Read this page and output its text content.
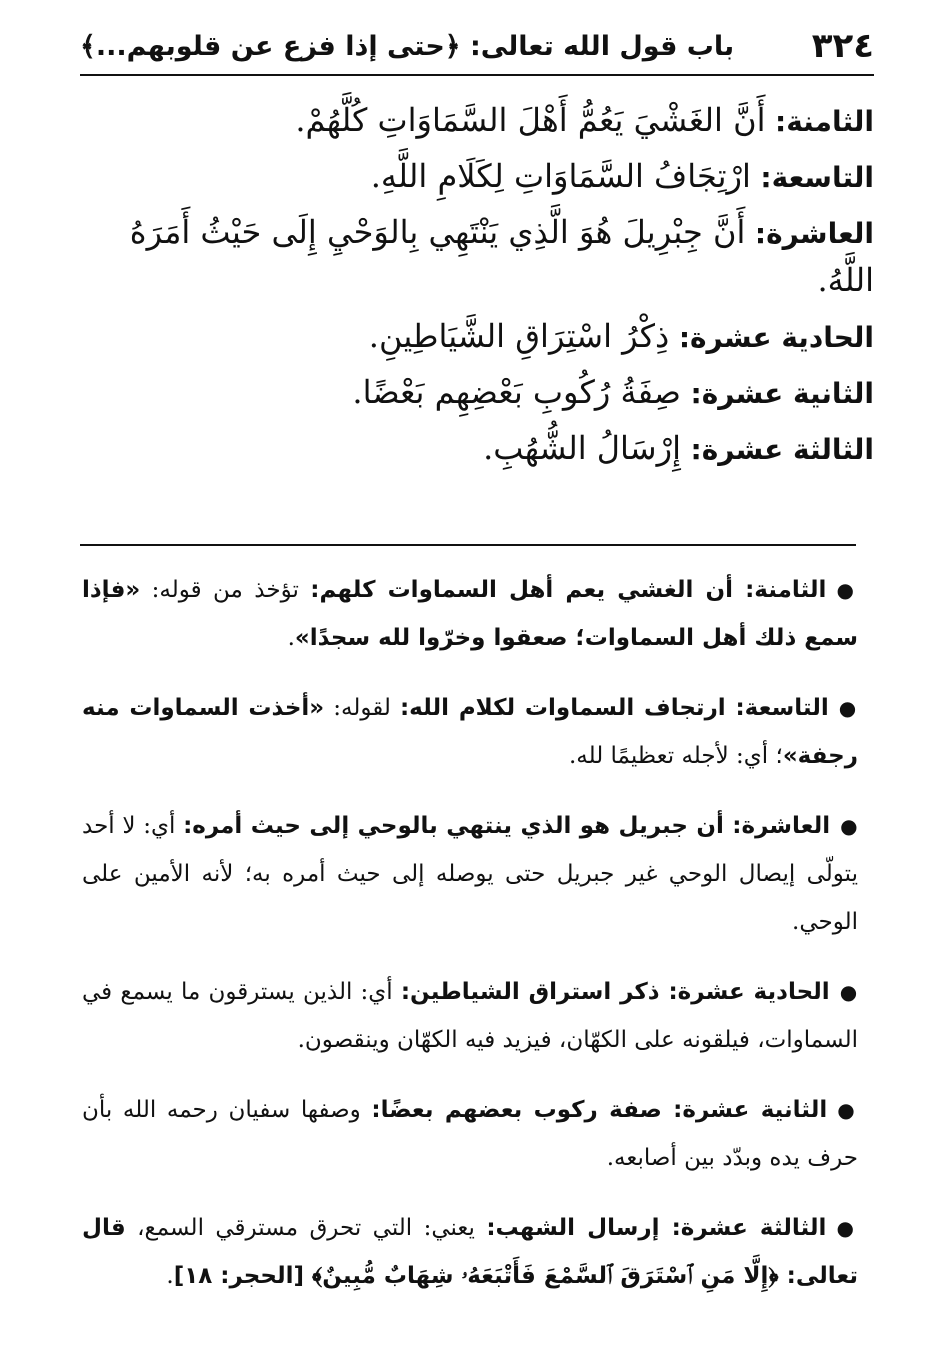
٣٢٤
باب قول الله تعالى: ﴿حتى إذا فزع عن قلوبهم...﴾

الثامنة: أَنَّ الغَشْيَ يَعُمُّ أَهْلَ السَّمَاوَاتِ كُلَّهُمْ.

التاسعة: ارْتِجَافُ السَّمَاوَاتِ لِكَلَامِ اللَّهِ.

العاشرة: أَنَّ جِبْرِيلَ هُوَ الَّذِي يَنْتَهِي بِالوَحْيِ إِلَى حَيْثُ أَمَرَهُ اللَّهُ.

الحادية عشرة: ذِكْرُ اسْتِرَاقِ الشَّيَاطِينِ.

الثانية عشرة: صِفَةُ رُكُوبِ بَعْضِهِم بَعْضًا.

الثالثة عشرة: إِرْسَالُ الشُّهُبِ.

●الثامنة: أن الغشي يعم أهل السماوات كلهم: تؤخذ من قوله: «فإذا سمع ذلك أهل السماوات؛ صعقوا وخرّوا لله سجدًا».

●التاسعة: ارتجاف السماوات لكلام الله: لقوله: «أخذت السماوات منه رجفة»؛ أي: لأجله تعظيمًا لله.

●العاشرة: أن جبريل هو الذي ينتهي بالوحي إلى حيث أمره: أي: لا أحد يتولّى إيصال الوحي غير جبريل حتى يوصله إلى حيث أمره به؛ لأنه الأمين على الوحي.

●الحادية عشرة: ذكر استراق الشياطين: أي: الذين يسترقون ما يسمع في السماوات، فيلقونه على الكهّان، فيزيد فيه الكهّان وينقصون.

●الثانية عشرة: صفة ركوب بعضهم بعضًا: وصفها سفيان رحمه الله بأن حرف يده وبدّد بين أصابعه.

●الثالثة عشرة: إرسال الشهب: يعني: التي تحرق مسترقي السمع، قال تعالى: ﴿إِلَّا مَنِ ٱسْتَرَقَ ٱلسَّمْعَ فَأَتْبَعَهُۥ شِهَابٌ مُّبِينٌ﴾ [الحجر: ١٨].
